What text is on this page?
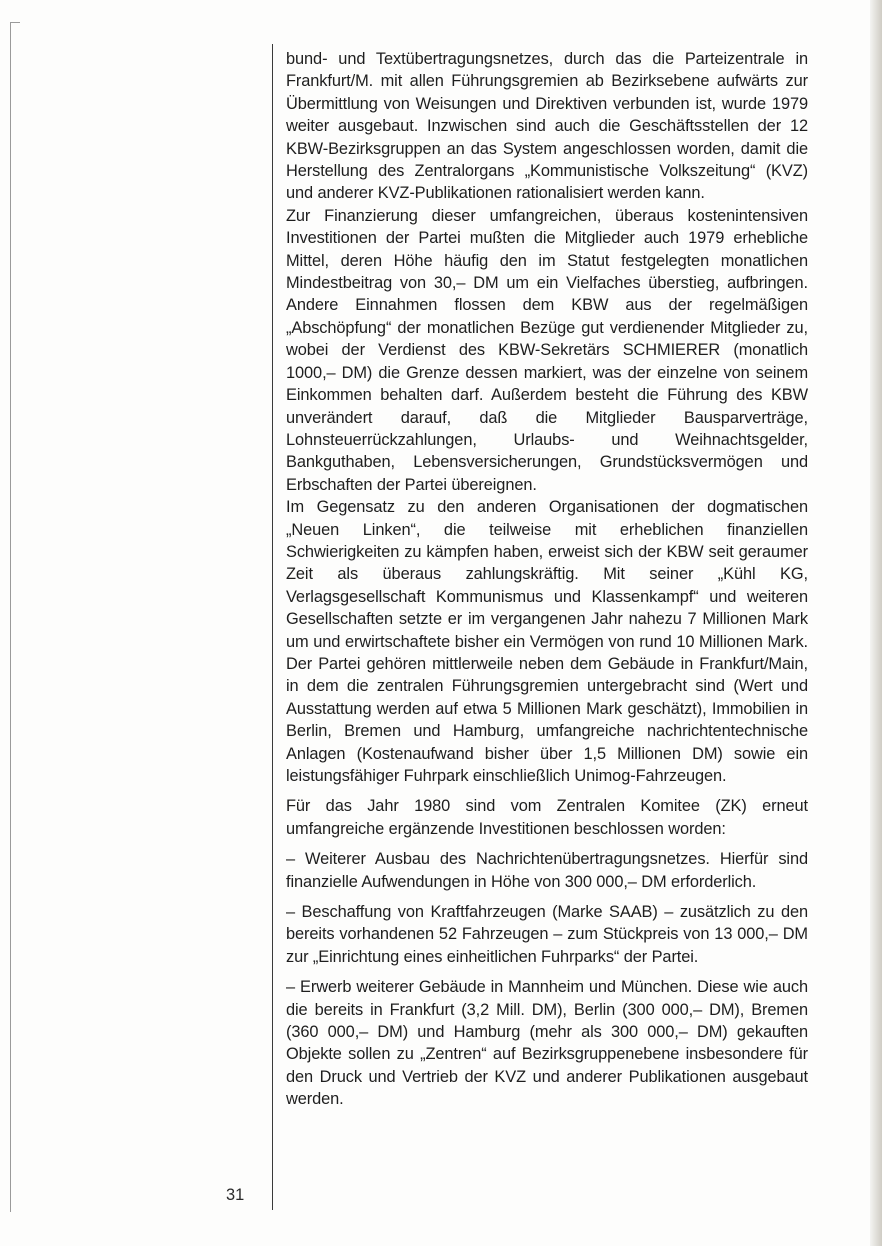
bund- und Textübertragungsnetzes, durch das die Parteizentrale in Frankfurt/M. mit allen Führungsgremien ab Bezirksebene aufwärts zur Übermittlung von Weisungen und Direktiven verbunden ist, wurde 1979 weiter ausgebaut. Inzwischen sind auch die Geschäftsstellen der 12 KBW-Bezirksgruppen an das System angeschlossen worden, damit die Herstellung des Zentralorgans „Kommunistische Volkszeitung“ (KVZ) und anderer KVZ-Publikationen rationalisiert werden kann.

Zur Finanzierung dieser umfangreichen, überaus kostenintensiven Investitionen der Partei mußten die Mitglieder auch 1979 erhebliche Mittel, deren Höhe häufig den im Statut festgelegten monatlichen Mindestbeitrag von 30,– DM um ein Vielfaches überstieg, aufbringen. Andere Einnahmen flossen dem KBW aus der regelmäßigen „Abschöpfung“ der monatlichen Bezüge gut verdienender Mitglieder zu, wobei der Verdienst des KBW-Sekretärs SCHMIERER (monatlich 1000,– DM) die Grenze dessen markiert, was der einzelne von seinem Einkommen behalten darf. Außerdem besteht die Führung des KBW unverändert darauf, daß die Mitglieder Bausparverträge, Lohnsteuerrückzahlungen, Urlaubs- und Weihnachtsgelder, Bankguthaben, Lebensversicherungen, Grundstücksvermögen und Erbschaften der Partei übereignen.

Im Gegensatz zu den anderen Organisationen der dogmatischen „Neuen Linken“, die teilweise mit erheblichen finanziellen Schwierigkeiten zu kämpfen haben, erweist sich der KBW seit geraumer Zeit als überaus zahlungskräftig. Mit seiner „Kühl KG, Verlagsgesellschaft Kommunismus und Klassenkampf“ und weiteren Gesellschaften setzte er im vergangenen Jahr nahezu 7 Millionen Mark um und erwirtschaftete bisher ein Vermögen von rund 10 Millionen Mark. Der Partei gehören mittlerweile neben dem Gebäude in Frankfurt/Main, in dem die zentralen Führungsgremien untergebracht sind (Wert und Ausstattung werden auf etwa 5 Millionen Mark geschätzt), Immobilien in Berlin, Bremen und Hamburg, umfangreiche nachrichtentechnische Anlagen (Kostenaufwand bisher über 1,5 Millionen DM) sowie ein leistungsfähiger Fuhrpark einschließlich Unimog-Fahrzeugen.

Für das Jahr 1980 sind vom Zentralen Komitee (ZK) erneut umfangreiche ergänzende Investitionen beschlossen worden:

– Weiterer Ausbau des Nachrichtenübertragungsnetzes. Hierfür sind finanzielle Aufwendungen in Höhe von 300 000,– DM erforderlich.

– Beschaffung von Kraftfahrzeugen (Marke SAAB) – zusätzlich zu den bereits vorhandenen 52 Fahrzeugen – zum Stückpreis von 13 000,– DM zur „Einrichtung eines einheitlichen Fuhrparks“ der Partei.

– Erwerb weiterer Gebäude in Mannheim und München. Diese wie auch die bereits in Frankfurt (3,2 Mill. DM), Berlin (300 000,– DM), Bremen (360 000,– DM) und Hamburg (mehr als 300 000,– DM) gekauften Objekte sollen zu „Zentren“ auf Bezirksgruppenebene insbesondere für den Druck und Vertrieb der KVZ und anderer Publikationen ausgebaut werden.

31
